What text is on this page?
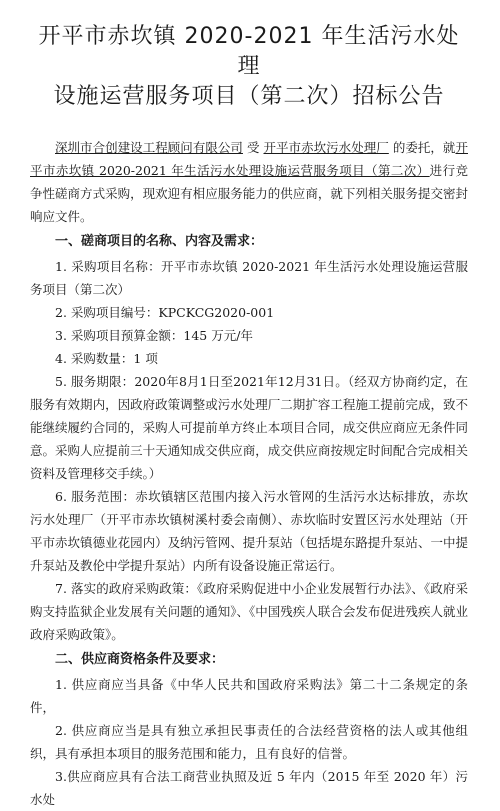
开平市赤坎镇 2020-2021 年生活污水处理
设施运营服务项目（第二次）招标公告

深圳市合创建设工程顾问有限公司 受 开平市赤坎污水处理厂 的委托，就开平市赤坎镇 2020-2021 年生活污水处理设施运营服务项目（第二次）进行竞争性磋商方式采购，现欢迎有相应服务能力的供应商，就下列相关服务提交密封响应文件。

一、磋商项目的名称、内容及需求：

1. 采购项目名称：开平市赤坎镇 2020-2021 年生活污水处理设施运营服务项目（第二次）

2. 采购项目编号：KPCKCG2020-001

3. 采购项目预算金额：145 万元/年

4. 采购数量：1 项

5. 服务期限：2020年8月1日至2021年12月31日。（经双方协商约定，在服务有效期内，因政府政策调整或污水处理厂二期扩容工程施工提前完成，致不能继续履约合同的，采购人可提前单方终止本项目合同，成交供应商应无条件同意。采购人应提前三十天通知成交供应商，成交供应商按规定时间配合完成相关资料及管理移交手续。）

6. 服务范围：赤坎镇辖区范围内接入污水管网的生活污水达标排放，赤坎污水处理厂（开平市赤坎镇树溪村委会南侧）、赤坎临时安置区污水处理站（开平市赤坎镇德业花园内）及纳污管网、提升泵站（包括堤东路提升泵站、一中提升泵站及教伦中学提升泵站）内所有设备设施正常运行。

7. 落实的政府采购政策：《政府采购促进中小企业发展暂行办法》、《政府采购支持监狱企业发展有关问题的通知》、《中国残疾人联合会发布促进残疾人就业政府采购政策》。

二、供应商资格条件及要求：

1. 供应商应当具备《中华人民共和国政府采购法》第二十二条规定的条件，

2. 供应商应当是具有独立承担民事责任的合法经营资格的法人或其他组织，具有承担本项目的服务范围和能力，且有良好的信誉。

3.供应商应具有合法工商营业执照及近 5 年内（2015 年至 2020 年）污水处
